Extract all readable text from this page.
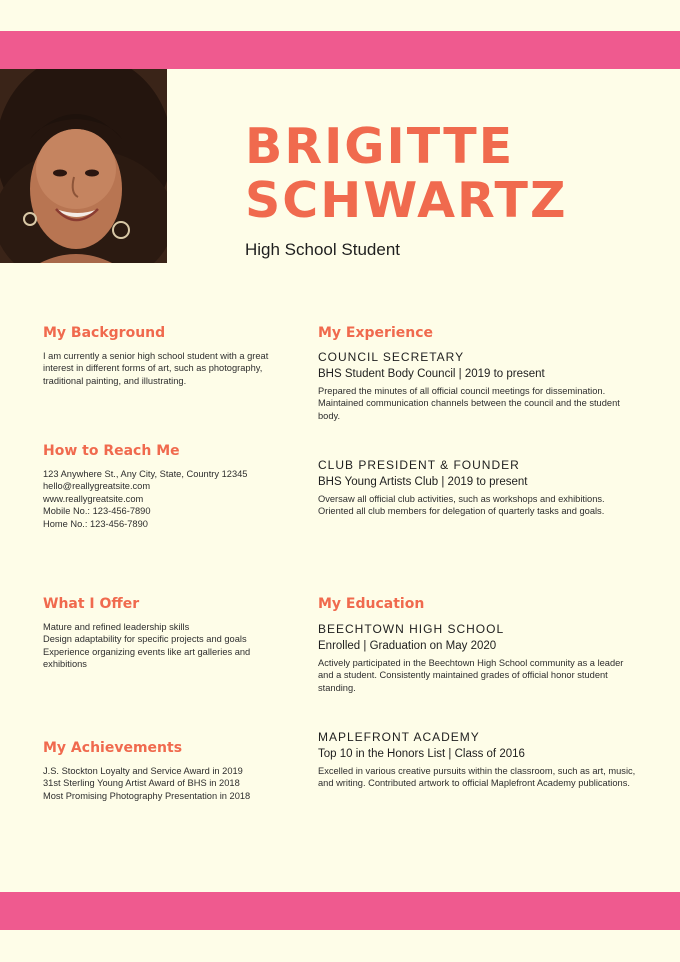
BRIGITTE
SCHWARTZ

High School Student

My Background
I am currently a senior high school student with a great
interest in different forms of art, such as photography,
traditional painting, and illustrating.
How to Reach Me
123 Anywhere St., Any City, State, Country 12345
hello@reallygreatsite.com
www.reallygreatsite.com
Mobile No.: 123-456-7890
Home No.: 123-456-7890
What I Offer
Mature and refined leadership skills
Design adaptability for specific projects and goals
Experience organizing events like art galleries and
exhibitions
My Achievements
J.S. Stockton Loyalty and Service Award in 2019
31st Sterling Young Artist Award of BHS in 2018
Most Promising Photography Presentation in 2018
My Experience

COUNCIL SECRETARY

BHS Student Body Council | 2019 to present

Prepared the minutes of all official council meetings for dissemination. Maintained communication channels between the council and the student body.

CLUB PRESIDENT & FOUNDER

BHS Young Artists Club | 2019 to present

Oversaw all official club activities, such as workshops and exhibitions. Oriented all club members for delegation of quarterly tasks and goals.

My Education

BEECHTOWN HIGH SCHOOL

Enrolled | Graduation on May 2020

Actively participated in the Beechtown High School community as a leader and a student. Consistently maintained grades of official honor student standing.

MAPLEFRONT ACADEMY

Top 10 in the Honors List | Class of 2016

Excelled in various creative pursuits within the classroom, such as art, music, and writing. Contributed artwork to official Maplefront Academy publications.
